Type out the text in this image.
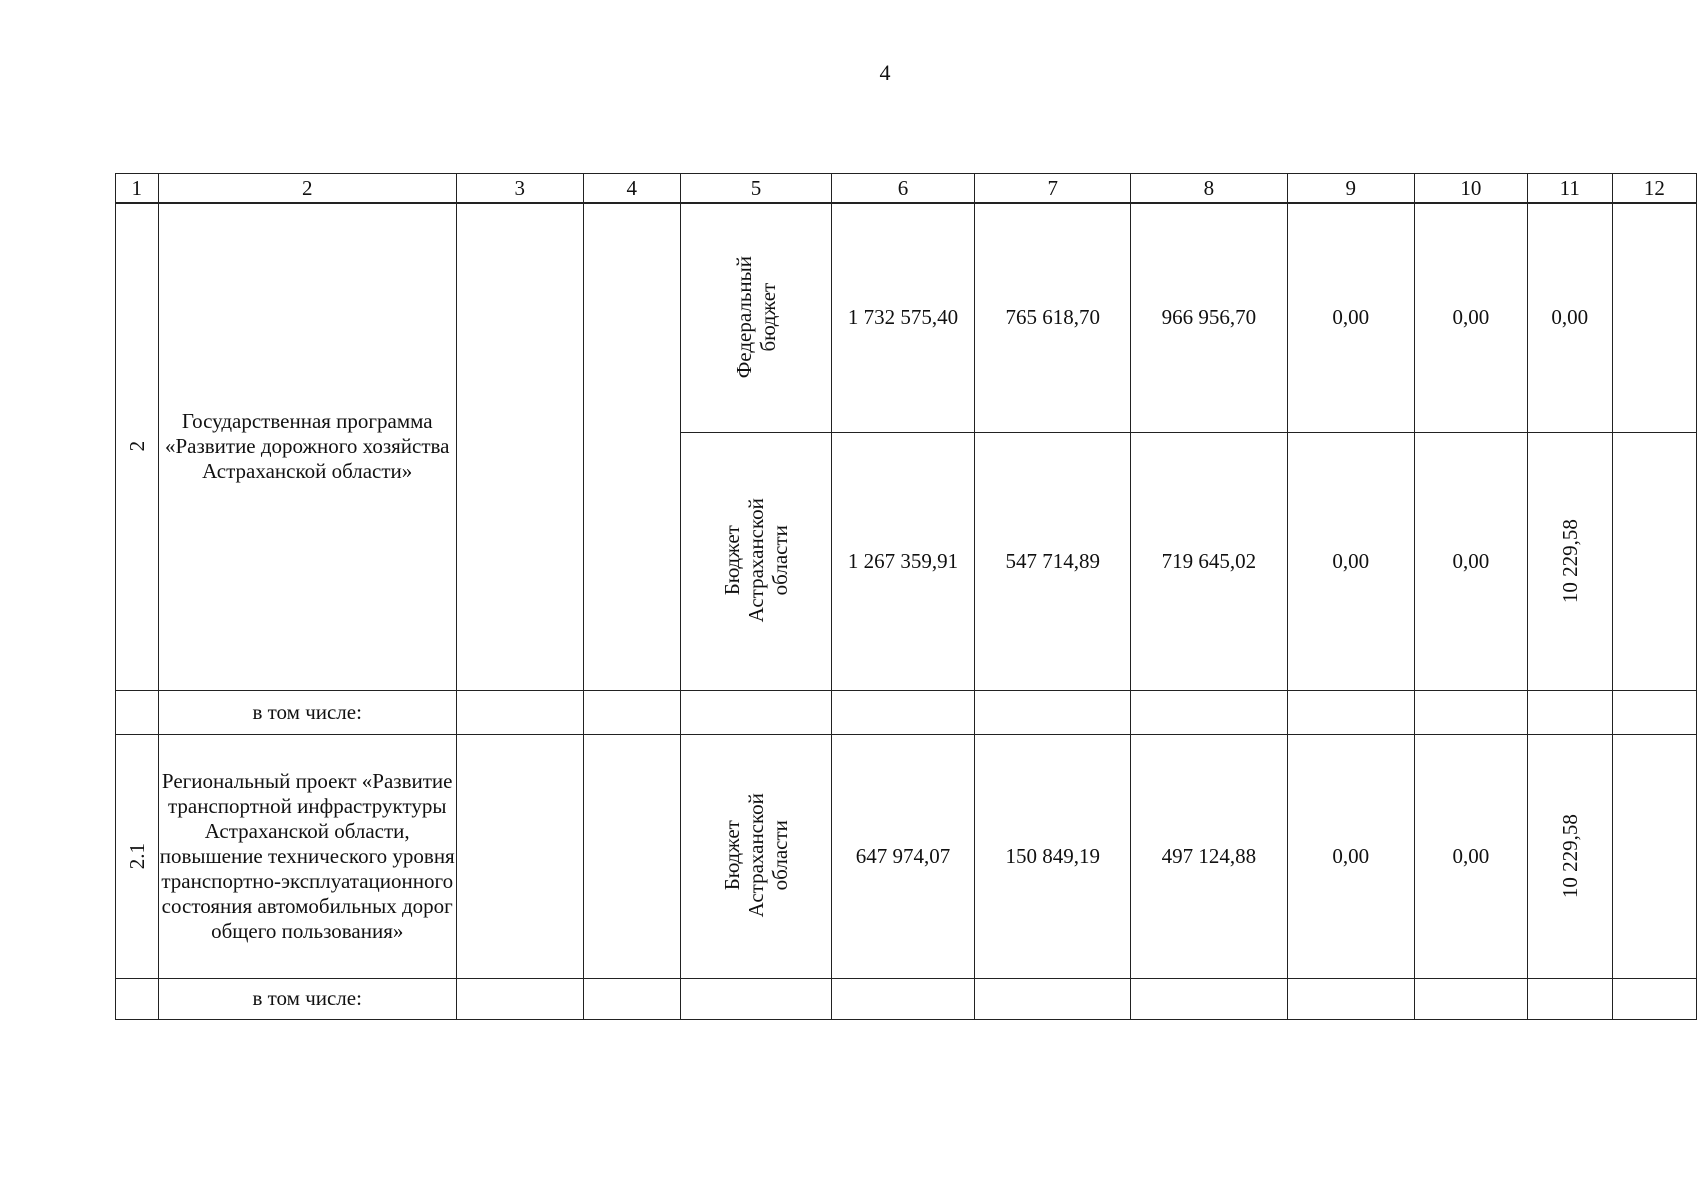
4
1	2	3	4	5	6	7	8	9	10	11	12
2	Государственная программа «Развитие дорожного хозяйства Астраханской области»			Федеральный бюджет	1 732 575,40	765 618,70	966 956,70	0,00	0,00	0,00	
				Бюджет Астраханской области	1 267 359,91	547 714,89	719 645,02	0,00	0,00	10 229,58	
	в том числе:										
2.1	Региональный проект «Развитие транспортной инфраструктуры Астраханской области, повышение технического уровня транспортно-эксплуатационного состояния автомобильных дорог общего пользования»			Бюджет Астраханской области	647 974,07	150 849,19	497 124,88	0,00	0,00	10 229,58	
	в том числе:										
